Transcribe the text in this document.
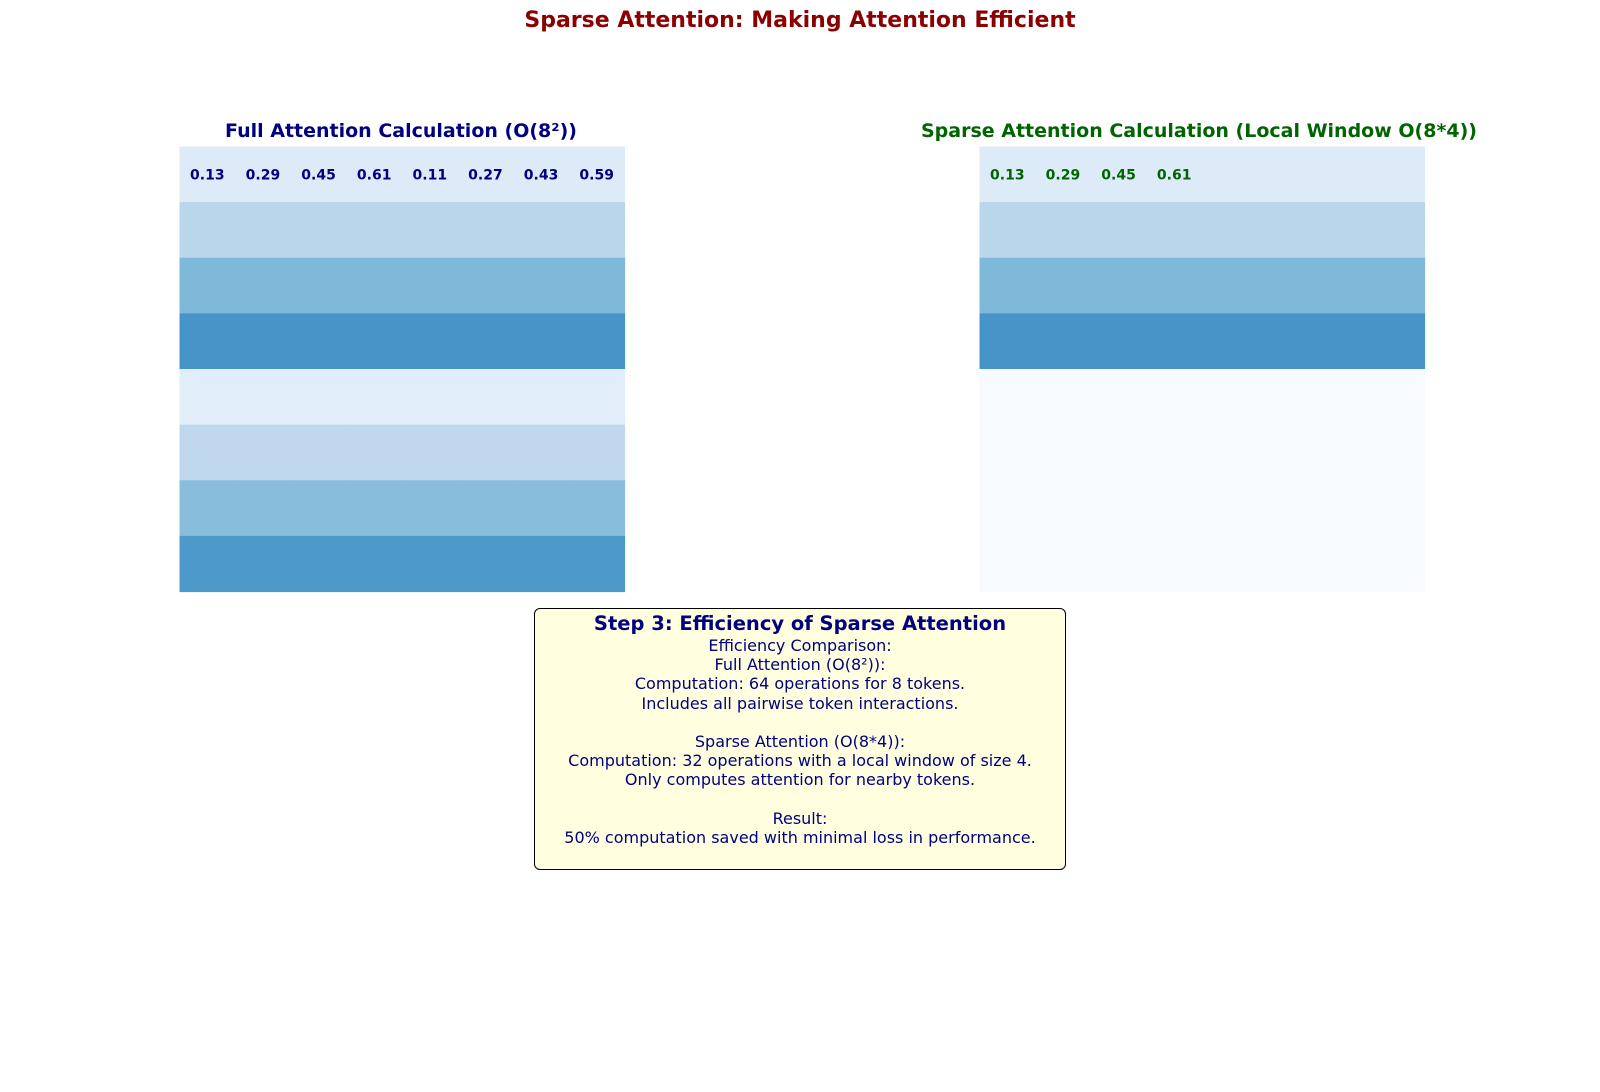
Sparse Attention: Making Attention Efficient
Full Attention Calculation (O(8²))
0.13 0.29 0.45 0.61 0.11 0.27 0.43 0.59
Sparse Attention Calculation (Local Window O(8*4))
0.13 0.29 0.45 0.61
Step 3: Efficiency of Sparse Attention
Efficiency Comparison:
Full Attention (O(8²)):
Computation: 64 operations for 8 tokens.
Includes all pairwise token interactions.
Sparse Attention (O(8*4)):
Computation: 32 operations with a local window of size 4.
Only computes attention for nearby tokens.
Result:
50% computation saved with minimal loss in performance.
